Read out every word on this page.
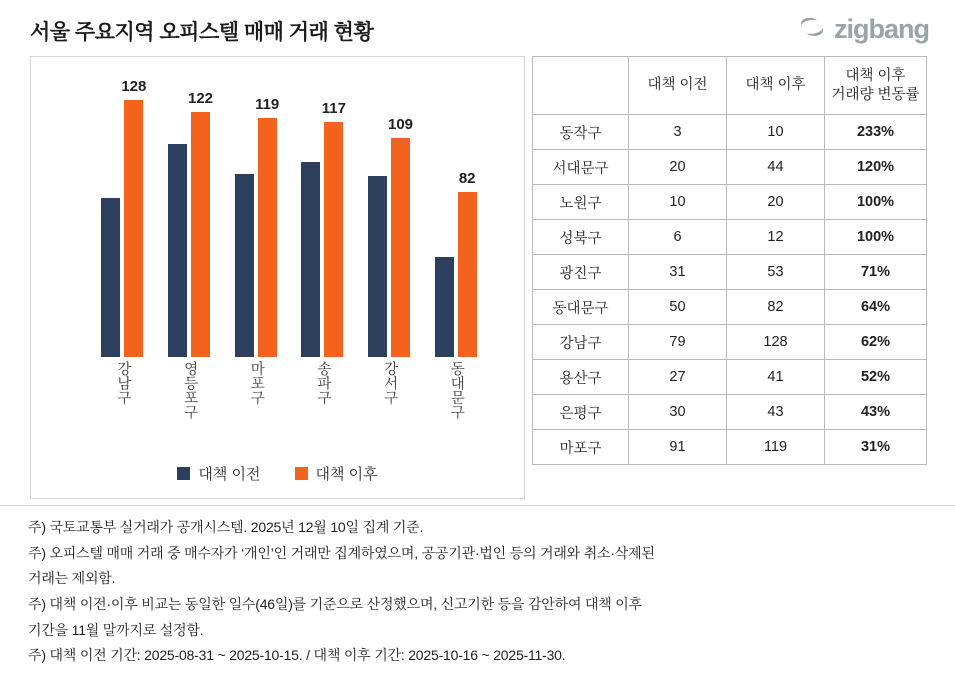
서울 주요지역 오피스텔 매매 거래 현황	zigbang
128
122	119	117
109
82
강남구	영등포구	마포구	송파구	강서구	동대문구
대책 이전	대책 이후
	대책 이전	대책 이후	대책 이후
거래량 변동률

동작구	3	10	233%
서대문구	20	44	120%
노원구	10	20	100%
성북구	6	12	100%
광진구	31	53	71%
동대문구	50	82	64%
강남구	79	128	62%
용산구	27	41	52%
은평구	30	43	43%
마포구	91	119	31%

주) 국토교통부 실거래가 공개시스템. 2025년 12월 10일 집계 기준.

주) 오피스텔 매매 거래 중 매수자가 ‘개인’인 거래만 집계하였으며, 공공기관·법인 등의 거래와 취소·삭제된

거래는 제외함.

주) 대책 이전·이후 비교는 동일한 일수(46일)를 기준으로 산정했으며, 신고기한 등을 감안하여 대책 이후

기간을 11월 말까지로 설정함.

주) 대책 이전 기간: 2025-08-31 ~ 2025-10-15. / 대책 이후 기간: 2025-10-16 ~ 2025-11-30.
